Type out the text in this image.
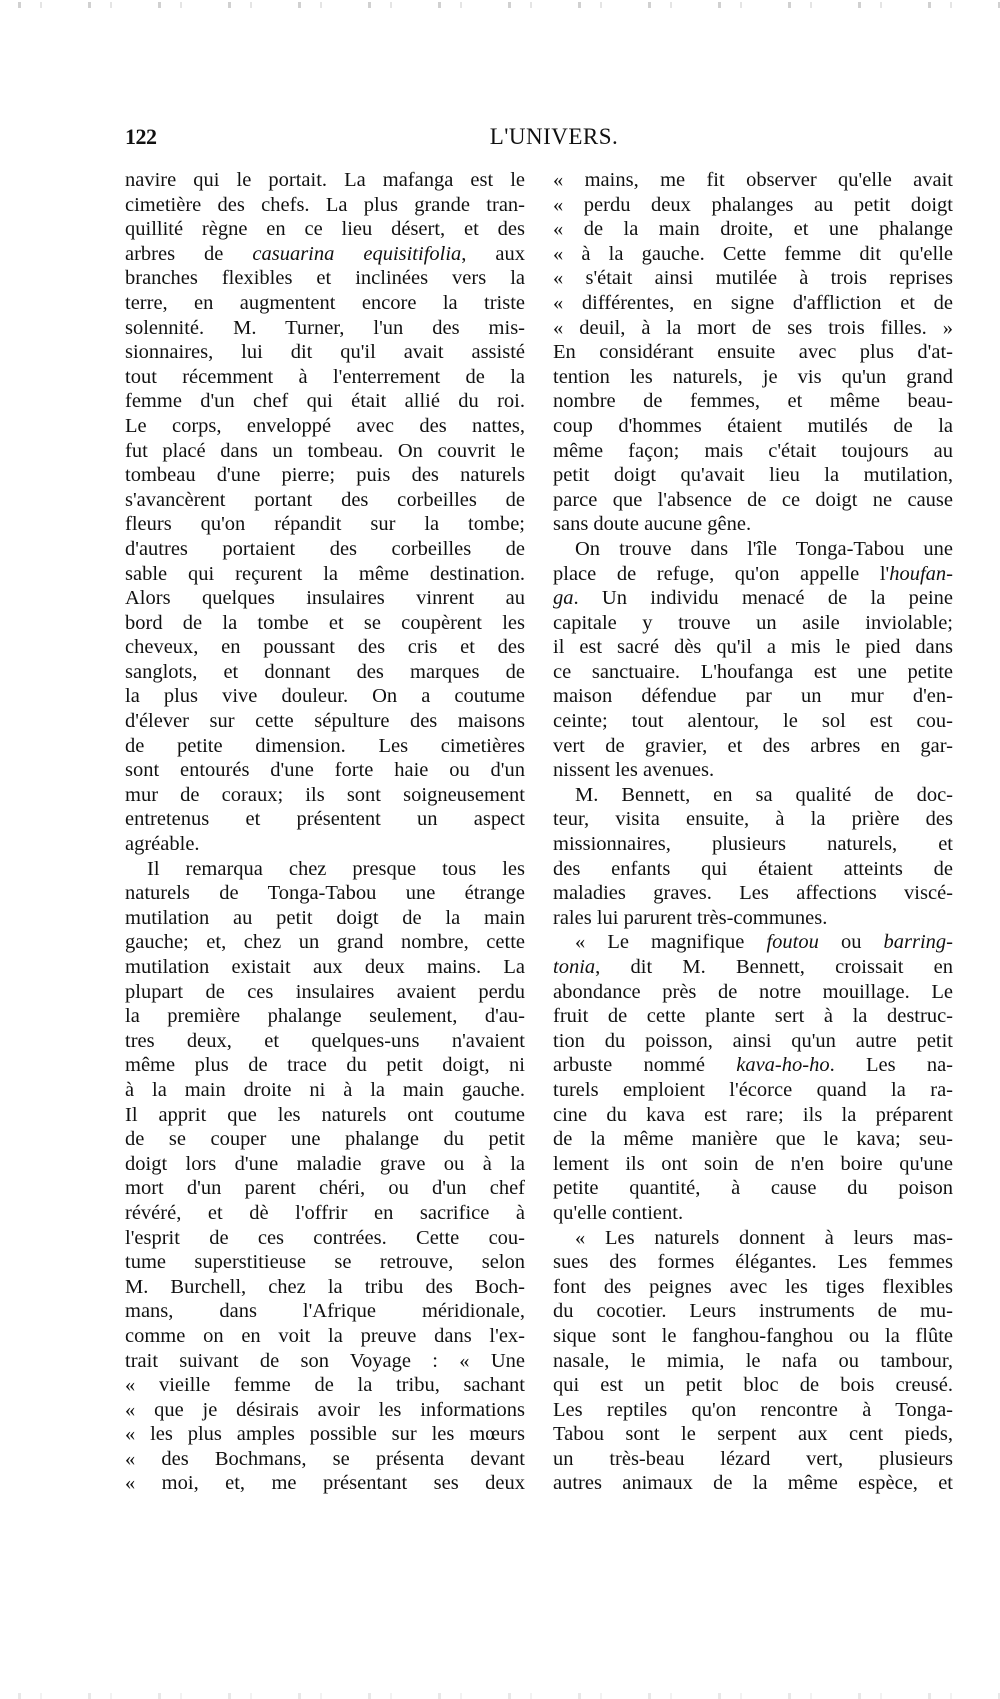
122	L'UNIVERS.
navire qui le portait. La mafanga est le
cimetière des chefs. La plus grande tran-
quillité règne en ce lieu désert, et des
arbres de casuarina equisitifolia, aux
branches flexibles et inclinées vers la
terre, en augmentent encore la triste
solennité. M. Turner, l'un des mis-
sionnaires, lui dit qu'il avait assisté
tout récemment à l'enterrement de la
femme d'un chef qui était allié du roi.
Le corps, enveloppé avec des nattes,
fut placé dans un tombeau. On couvrit le
tombeau d'une pierre; puis des naturels
s'avancèrent portant des corbeilles de
fleurs qu'on répandit sur la tombe;
d'autres portaient des corbeilles de
sable qui reçurent la même destination.
Alors quelques insulaires vinrent au
bord de la tombe et se coupèrent les
cheveux, en poussant des cris et des
sanglots, et donnant des marques de
la plus vive douleur. On a coutume
d'élever sur cette sépulture des maisons
de petite dimension. Les cimetières
sont entourés d'une forte haie ou d'un
mur de coraux; ils sont soigneusement
entretenus et présentent un aspect
agréable.
Il remarqua chez presque tous les
naturels de Tonga-Tabou une étrange
mutilation au petit doigt de la main
gauche; et, chez un grand nombre, cette
mutilation existait aux deux mains. La
plupart de ces insulaires avaient perdu
la première phalange seulement, d'au-
tres deux, et quelques-uns n'avaient
même plus de trace du petit doigt, ni
à la main droite ni à la main gauche.
Il apprit que les naturels ont coutume
de se couper une phalange du petit
doigt lors d'une maladie grave ou à la
mort d'un parent chéri, ou d'un chef
révéré, et dè l'offrir en sacrifice à
l'esprit de ces contrées. Cette cou-
tume superstitieuse se retrouve, selon
M. Burchell, chez la tribu des Boch-
mans, dans l'Afrique méridionale,
comme on en voit la preuve dans l'ex-
trait suivant de son Voyage : « Une
« vieille femme de la tribu, sachant
« que je désirais avoir les informations
« les plus amples possible sur les mœurs
« des Bochmans, se présenta devant
« moi, et, me présentant ses deux
« mains, me fit observer qu'elle avait
« perdu deux phalanges au petit doigt
« de la main droite, et une phalange
« à la gauche. Cette femme dit qu'elle
« s'était ainsi mutilée à trois reprises
« différentes, en signe d'affliction et de
« deuil, à la mort de ses trois filles. »
En considérant ensuite avec plus d'at-
tention les naturels, je vis qu'un grand
nombre de femmes, et même beau-
coup d'hommes étaient mutilés de la
même façon; mais c'était toujours au
petit doigt qu'avait lieu la mutilation,
parce que l'absence de ce doigt ne cause
sans doute aucune gêne.
On trouve dans l'île Tonga-Tabou une
place de refuge, qu'on appelle l'houfan-
ga. Un individu menacé de la peine
capitale y trouve un asile inviolable;
il est sacré dès qu'il a mis le pied dans
ce sanctuaire. L'houfanga est une petite
maison défendue par un mur d'en-
ceinte; tout alentour, le sol est cou-
vert de gravier, et des arbres en gar-
nissent les avenues.
M. Bennett, en sa qualité de doc-
teur, visita ensuite, à la prière des
missionnaires, plusieurs naturels, et
des enfants qui étaient atteints de
maladies graves. Les affections viscé-
rales lui parurent très-communes.
« Le magnifique foutou ou barring-
tonia, dit M. Bennett, croissait en
abondance près de notre mouillage. Le
fruit de cette plante sert à la destruc-
tion du poisson, ainsi qu'un autre petit
arbuste nommé kava-ho-ho. Les na-
turels emploient l'écorce quand la ra-
cine du kava est rare; ils la préparent
de la même manière que le kava; seu-
lement ils ont soin de n'en boire qu'une
petite quantité, à cause du poison
qu'elle contient.
« Les naturels donnent à leurs mas-
sues des formes élégantes. Les femmes
font des peignes avec les tiges flexibles
du cocotier. Leurs instruments de mu-
sique sont le fanghou-fanghou ou la flûte
nasale, le mimia, le nafa ou tambour,
qui est un petit bloc de bois creusé.
Les reptiles qu'on rencontre à Tonga-
Tabou sont le serpent aux cent pieds,
un très-beau lézard vert, plusieurs
autres animaux de la même espèce, et
